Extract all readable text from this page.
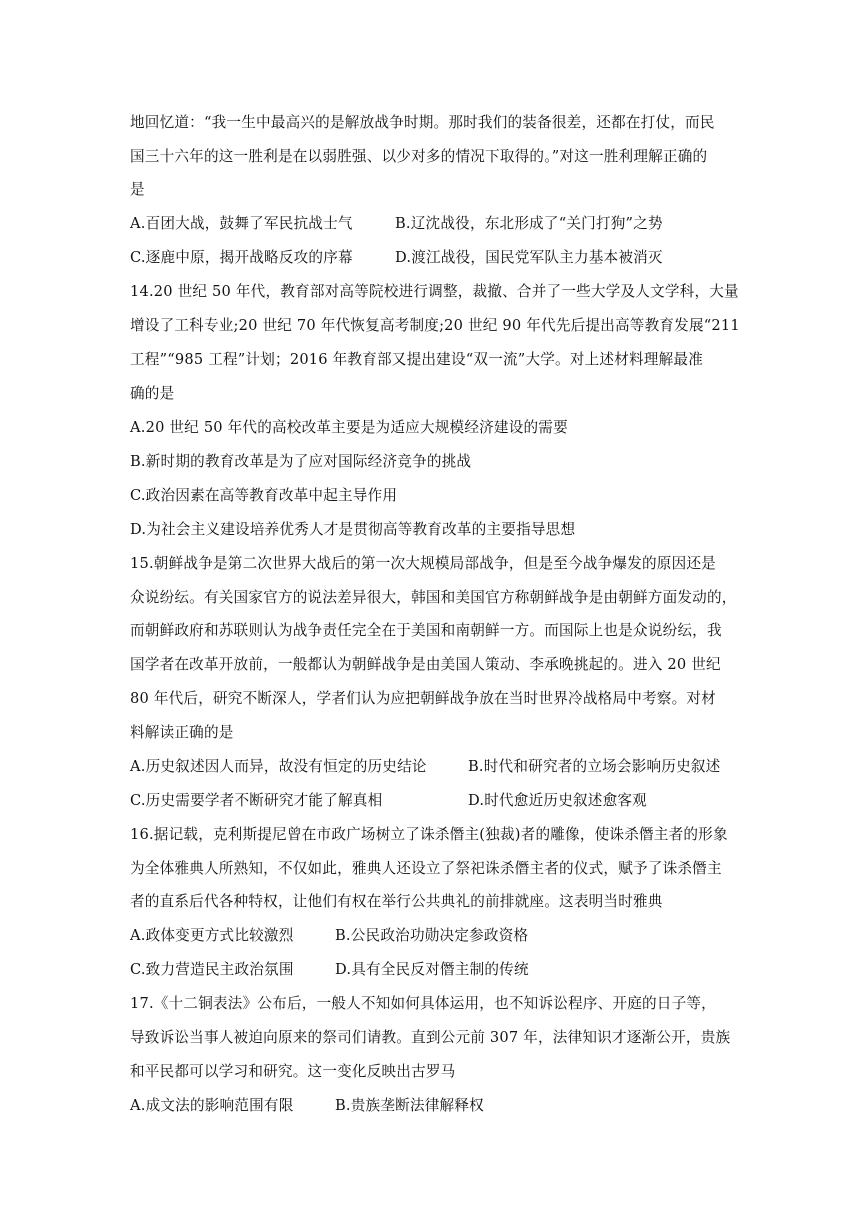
地回忆道：“我一生中最高兴的是解放战争时期。那时我们的装备很差，还都在打仗，而民
国三十六年的这一胜利是在以弱胜强、以少对多的情况下取得的。”对这一胜利理解正确的
是
A.百团大战，鼓舞了军民抗战士气	B.辽沈战役，东北形成了“关门打狗”之势
C.逐鹿中原，揭开战略反攻的序幕	D.渡江战役，国民党军队主力基本被消灭
14.20 世纪 50 年代，教育部对高等院校进行调整，裁撤、合并了一些大学及人文学科，大量
增设了工科专业;20 世纪 70 年代恢复高考制度;20 世纪 90 年代先后提出高等教育发展“211
工程”“985 工程”计划；2016 年教育部又提出建设“双一流”大学。对上述材料理解最准
确的是
A.20 世纪 50 年代的高校改革主要是为适应大规模经济建设的需要
B.新时期的教育改革是为了应对国际经济竞争的挑战
C.政治因素在高等教育改革中起主导作用
D.为社会主义建设培养优秀人才是贯彻高等教育改革的主要指导思想
15.朝鲜战争是第二次世界大战后的第一次大规模局部战争，但是至今战争爆发的原因还是
众说纷纭。有关国家官方的说法差异很大，韩国和美国官方称朝鲜战争是由朝鲜方面发动的，
而朝鲜政府和苏联则认为战争责任完全在于美国和南朝鲜一方。而国际上也是众说纷纭，我
国学者在改革开放前，一般都认为朝鲜战争是由美国人策动、李承晚挑起的。进入 20 世纪
80 年代后，研究不断深人，学者们认为应把朝鲜战争放在当时世界冷战格局中考察。对材
料解读正确的是
A.历史叙述因人而异，故没有恒定的历史结论	B.时代和研究者的立场会影响历史叙述
C.历史需要学者不断研究才能了解真相	D.时代愈近历史叙述愈客观
16.据记载，克利斯提尼曾在市政广场树立了诛杀僭主(独裁)者的雕像，使诛杀僭主者的形象
为全体雅典人所熟知，不仅如此，雅典人还设立了祭祀诛杀僭主者的仪式，赋予了诛杀僭主
者的直系后代各种特权，让他们有权在举行公共典礼的前排就座。这表明当时雅典
A.政体变更方式比较激烈	B.公民政治功勋决定参政资格
C.致力营造民主政治氛围	D.具有全民反对僭主制的传统
17.《十二铜表法》公布后，一般人不知如何具体运用，也不知诉讼程序、开庭的日子等，
导致诉讼当事人被迫向原来的祭司们请教。直到公元前 307 年，法律知识才逐渐公开，贵族
和平民都可以学习和研究。这一变化反映出古罗马
A.成文法的影响范围有限	B.贵族垄断法律解释权
